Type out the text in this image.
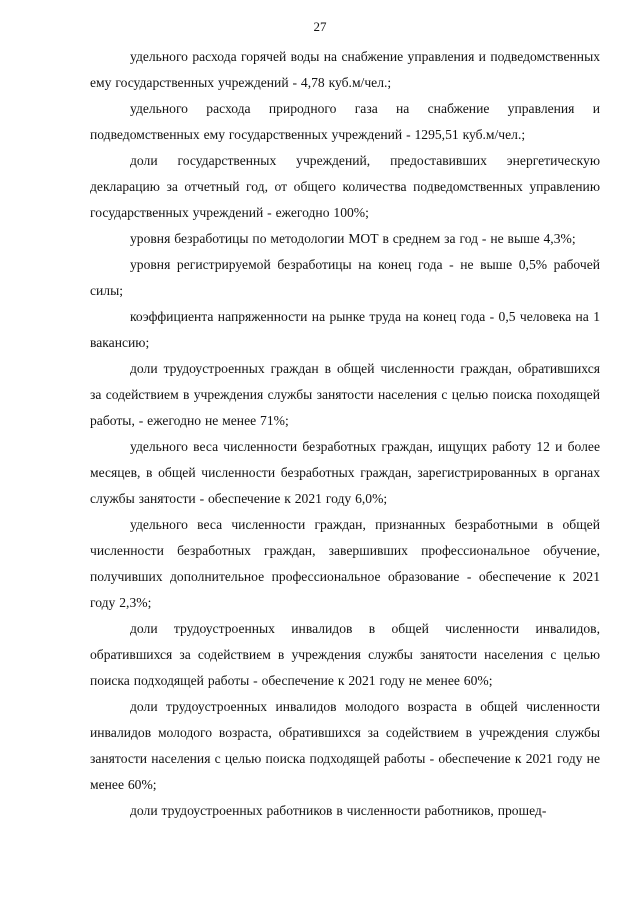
27

удельного расхода горячей воды на снабжение управления и подведомственных ему государственных учреждений - 4,78 куб.м/чел.;

удельного расхода природного газа на снабжение управления и подведомственных ему государственных учреждений - 1295,51 куб.м/чел.;

доли государственных учреждений, предоставивших энергетическую декларацию за отчетный год, от общего количества подведомственных управлению государственных учреждений - ежегодно 100%;

уровня безработицы по методологии МОТ в среднем за год - не выше 4,3%;

уровня регистрируемой безработицы на конец года - не выше 0,5% рабочей силы;

коэффициента напряженности на рынке труда на конец года - 0,5 человека на 1 вакансию;

доли трудоустроенных граждан в общей численности граждан, обратившихся за содействием в учреждения службы занятости населения с целью поиска походящей работы, - ежегодно не менее 71%;

удельного веса численности безработных граждан, ищущих работу 12 и более месяцев, в общей численности безработных граждан, зарегистрированных в органах службы занятости - обеспечение к 2021 году 6,0%;

удельного веса численности граждан, признанных безработными в общей численности безработных граждан, завершивших профессиональное обучение, получивших дополнительное профессиональное образование - обеспечение к 2021 году 2,3%;

доли трудоустроенных инвалидов в общей численности инвалидов, обратившихся за содействием в учреждения службы занятости населения с целью поиска подходящей работы - обеспечение к 2021 году не менее 60%;

доли трудоустроенных инвалидов молодого возраста в общей численности инвалидов молодого возраста, обратившихся за содействием в учреждения службы занятости населения с целью поиска подходящей работы - обеспечение к 2021 году не менее 60%;

доли трудоустроенных работников в численности работников, прошед-
